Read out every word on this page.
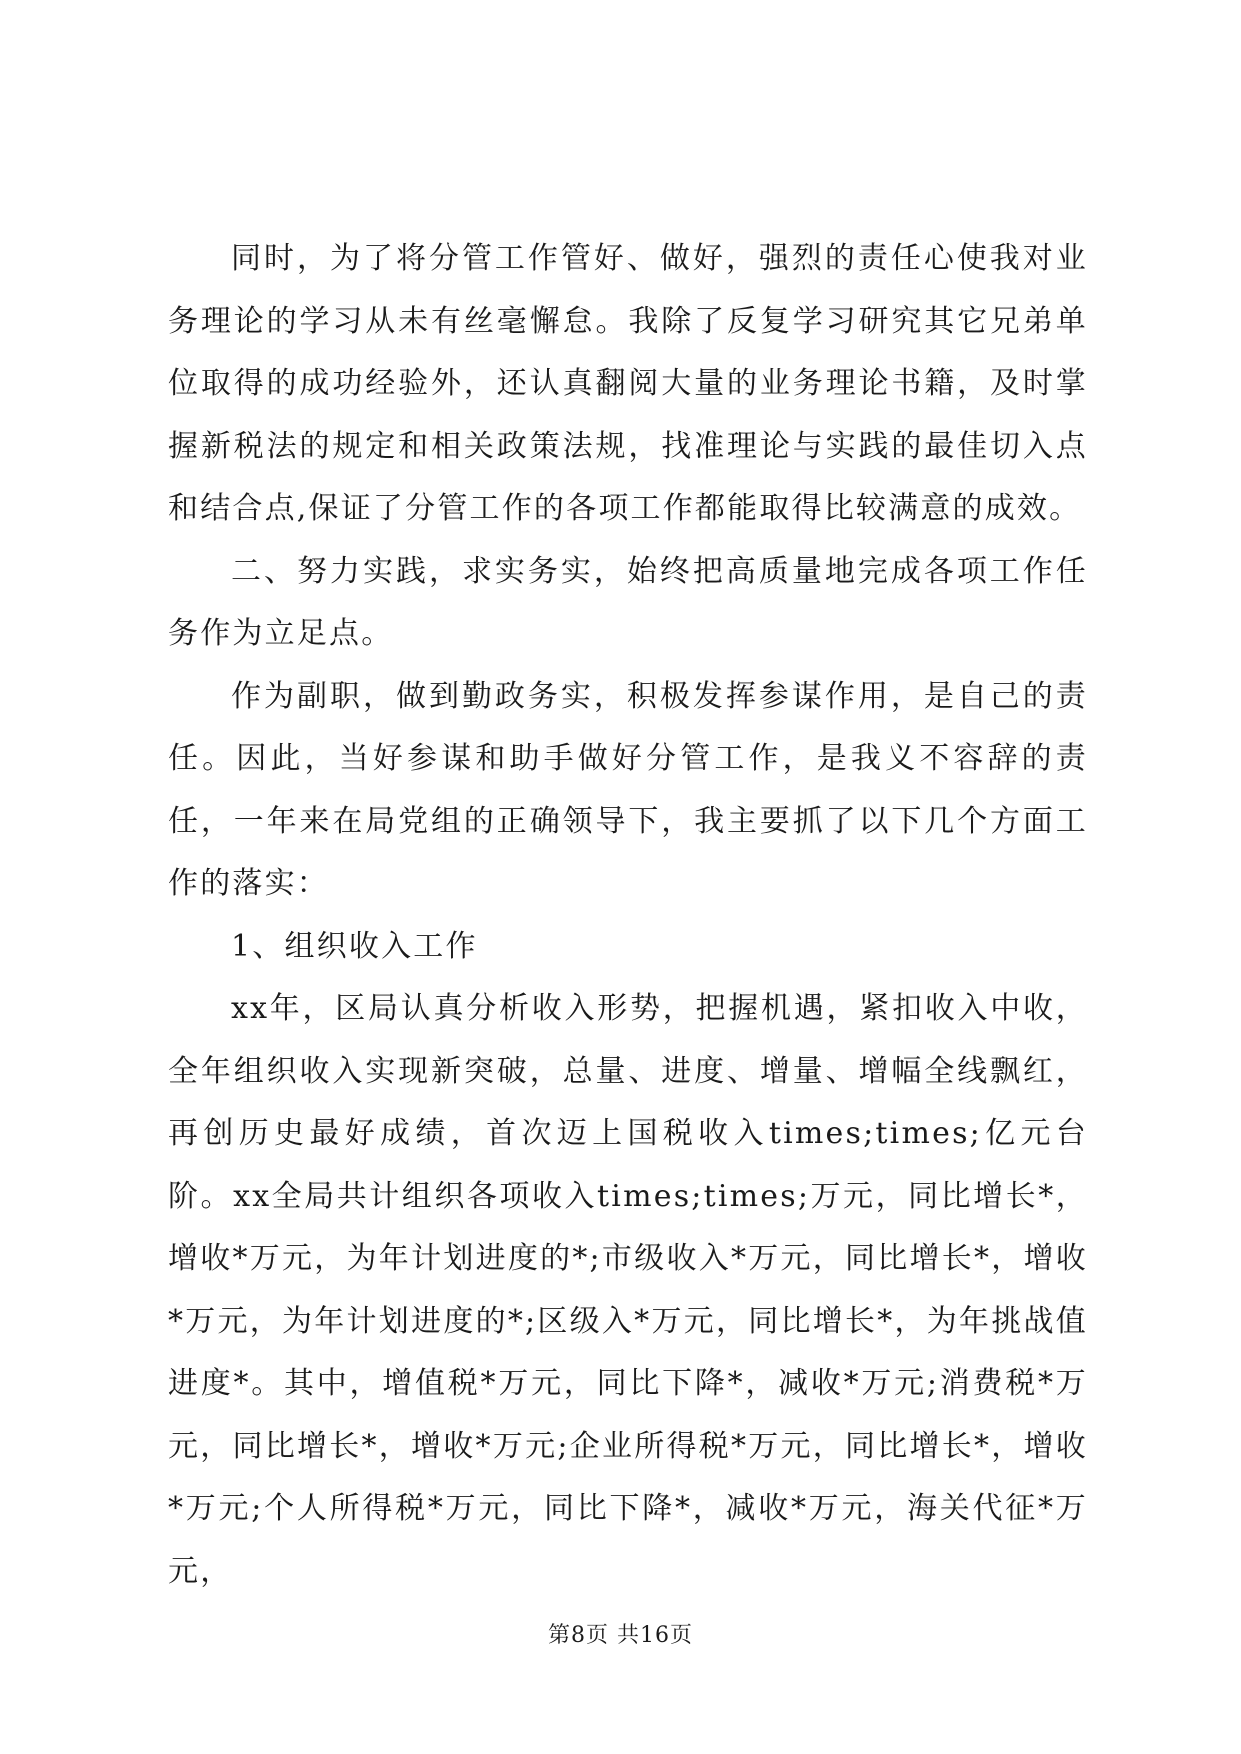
同时，为了将分管工作管好、做好，强烈的责任心使我对业务理论的学习从未有丝毫懈怠。我除了反复学习研究其它兄弟单位取得的成功经验外，还认真翻阅大量的业务理论书籍，及时掌握新税法的规定和相关政策法规，找准理论与实践的最佳切入点和结合点,保证了分管工作的各项工作都能取得比较满意的成效。

二、努力实践，求实务实，始终把高质量地完成各项工作任务作为立足点。

作为副职，做到勤政务实，积极发挥参谋作用，是自己的责任。因此，当好参谋和助手做好分管工作，是我义不容辞的责任，一年来在局党组的正确领导下，我主要抓了以下几个方面工作的落实：

1、组织收入工作

xx年，区局认真分析收入形势，把握机遇，紧扣收入中收，全年组织收入实现新突破，总量、进度、增量、增幅全线飘红，再创历史最好成绩，首次迈上国税收入times;times;亿元台阶。xx全局共计组织各项收入times;times;万元，同比增长*，增收*万元，为年计划进度的*;市级收入*万元，同比增长*，增收*万元，为年计划进度的*;区级入*万元，同比增长*，为年挑战值进度*。其中，增值税*万元，同比下降*，减收*万元;消费税*万元，同比增长*，增收*万元;企业所得税*万元，同比增长*，增收*万元;个人所得税*万元，同比下降*，减收*万元，海关代征*万元，

第8页 共16页
